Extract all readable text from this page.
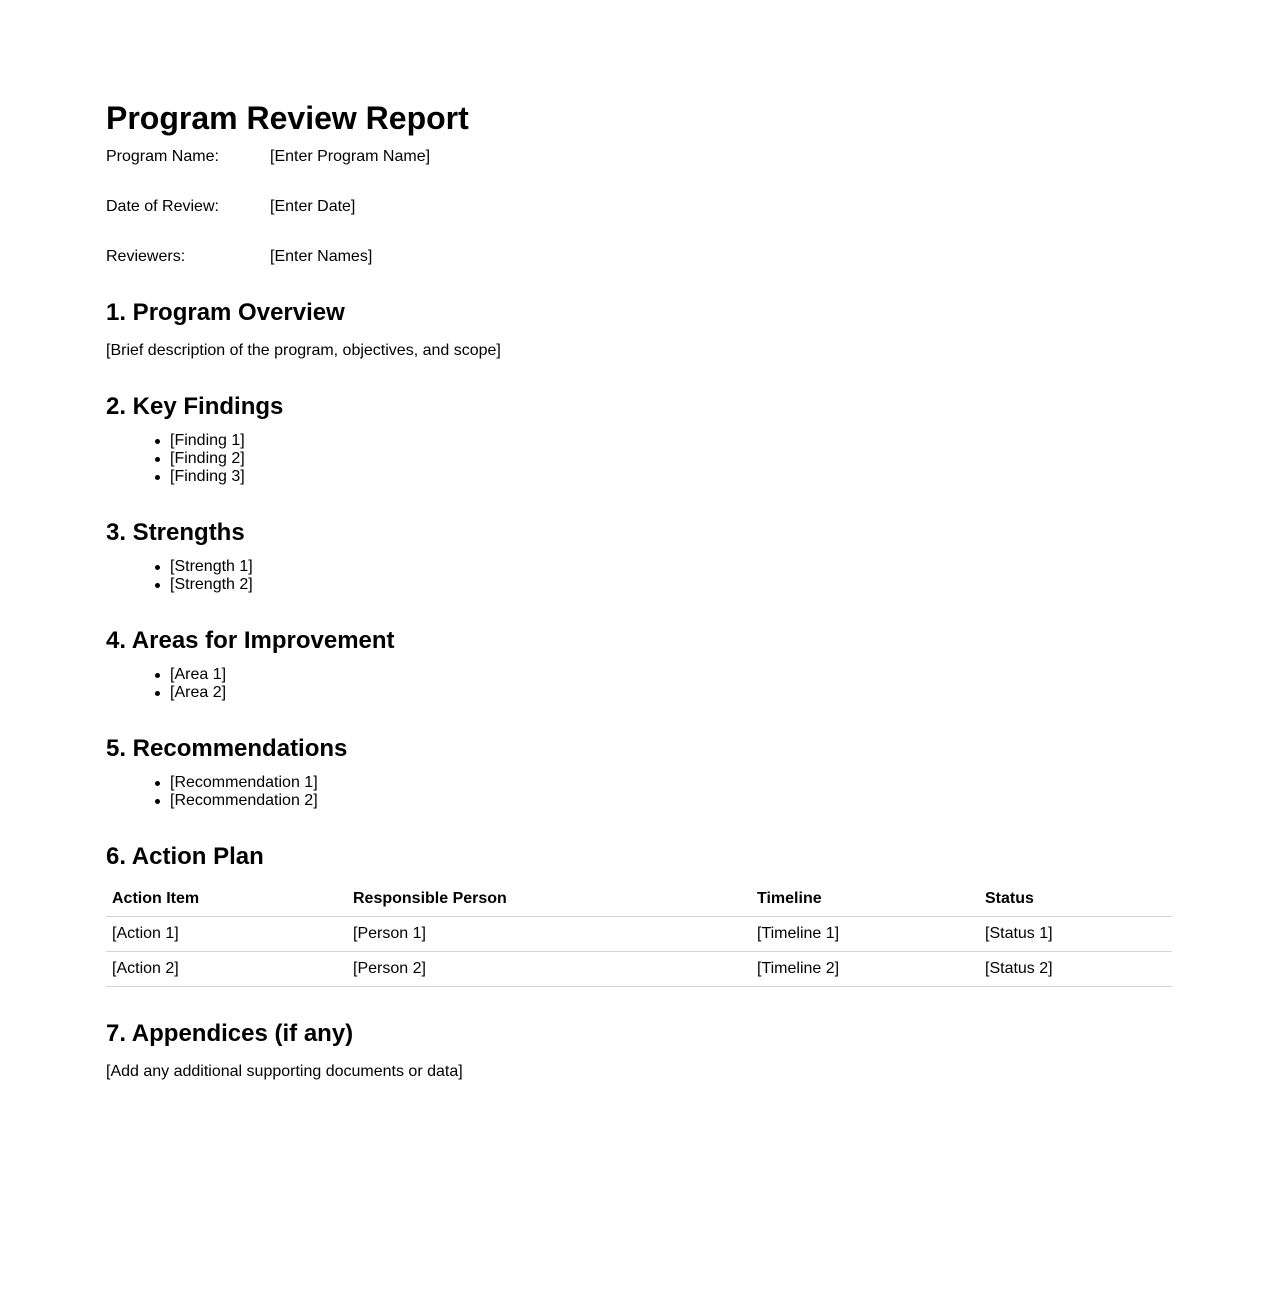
Program Review Report
Program Name:	[Enter Program Name]
Date of Review:	[Enter Date]
Reviewers:	[Enter Names]
1. Program Overview

[Brief description of the program, objectives, and scope]

2. Key Findings
[Finding 1]
[Finding 2]
[Finding 3]
3. Strengths
[Strength 1]
[Strength 2]
4. Areas for Improvement
[Area 1]
[Area 2]
5. Recommendations
[Recommendation 1]
[Recommendation 2]
6. Action Plan
Action Item	Responsible Person	Timeline	Status
[Action 1]	[Person 1]	[Timeline 1]	[Status 1]
[Action 2]	[Person 2]	[Timeline 2]	[Status 2]
7. Appendices (if any)

[Add any additional supporting documents or data]
